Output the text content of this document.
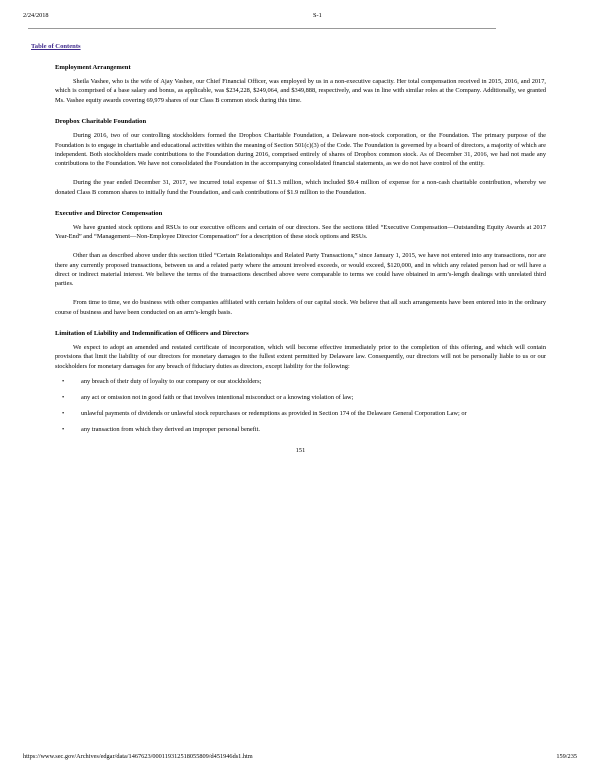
2/24/2018	S-1
Table of Contents
Employment Arrangement

Sheila Vashee, who is the wife of Ajay Vashee, our Chief Financial Officer, was employed by us in a non-executive capacity. Her total compensation received in 2015, 2016, and 2017, which is comprised of a base salary and bonus, as applicable, was $234,228, $249,064, and $349,888, respectively, and was in line with similar roles at the Company. Additionally, we granted Ms. Vashee equity awards covering 69,979 shares of our Class B common stock during this time.

Dropbox Charitable Foundation

During 2016, two of our controlling stockholders formed the Dropbox Charitable Foundation, a Delaware non-stock corporation, or the Foundation. The primary purpose of the Foundation is to engage in charitable and educational activities within the meaning of Section 501(c)(3) of the Code. The Foundation is governed by a board of directors, a majority of which are independent. Both stockholders made contributions to the Foundation during 2016, comprised entirely of shares of Dropbox common stock. As of December 31, 2016, we had not made any contributions to the Foundation. We have not consolidated the Foundation in the accompanying consolidated financial statements, as we do not have control of the entity.

During the year ended December 31, 2017, we incurred total expense of $11.3 million, which included $9.4 million of expense for a non-cash charitable contribution, whereby we donated Class B common shares to initially fund the Foundation, and cash contributions of $1.9 million to the Foundation.

Executive and Director Compensation

We have granted stock options and RSUs to our executive officers and certain of our directors. See the sections titled “Executive Compensation—Outstanding Equity Awards at 2017 Year-End” and “Management—Non-Employee Director Compensation” for a description of these stock options and RSUs.

Other than as described above under this section titled “Certain Relationships and Related Party Transactions,” since January 1, 2015, we have not entered into any transactions, nor are there any currently proposed transactions, between us and a related party where the amount involved exceeds, or would exceed, $120,000, and in which any related person had or will have a direct or indirect material interest. We believe the terms of the transactions described above were comparable to terms we could have obtained in arm’s-length dealings with unrelated third parties.

From time to time, we do business with other companies affiliated with certain holders of our capital stock. We believe that all such arrangements have been entered into in the ordinary course of business and have been conducted on an arm’s-length basis.

Limitation of Liability and Indemnification of Officers and Directors

We expect to adopt an amended and restated certificate of incorporation, which will become effective immediately prior to the completion of this offering, and which will contain provisions that limit the liability of our directors for monetary damages to the fullest extent permitted by Delaware law. Consequently, our directors will not be personally liable to us or our stockholders for monetary damages for any breach of fiduciary duties as directors, except liability for the following:

•	any breach of their duty of loyalty to our company or our stockholders;
•	any act or omission not in good faith or that involves intentional misconduct or a knowing violation of law;
•	unlawful payments of dividends or unlawful stock repurchases or redemptions as provided in Section 174 of the Delaware General Corporation Law; or
•	any transaction from which they derived an improper personal benefit.
151
https://www.sec.gov/Archives/edgar/data/1467623/000119312518055809/d451946ds1.htm	159/235
